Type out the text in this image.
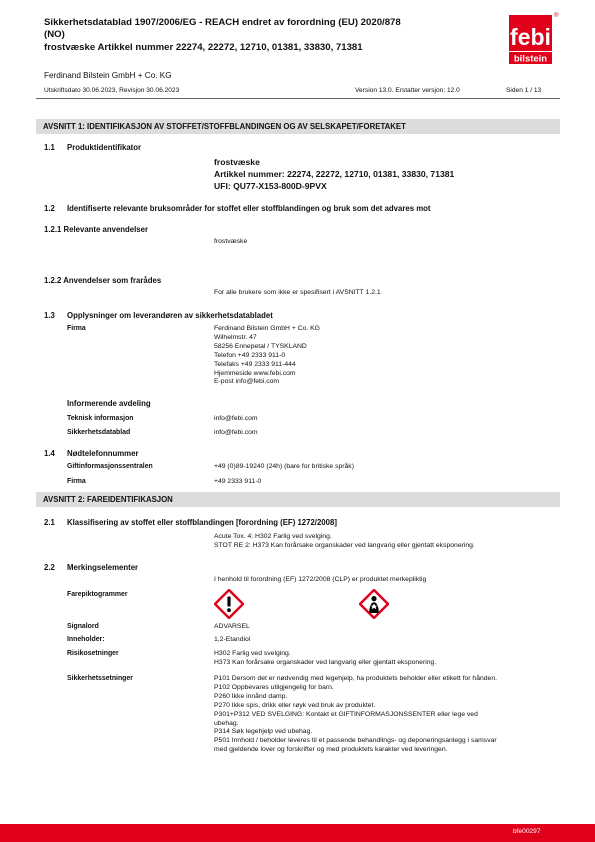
Sikkerhetsdatablad 1907/2006/EG - REACH endret av forordning (EU) 2020/878
(NO)
frostvæske Artikkel nummer 22274, 22272, 12710, 01381, 33830, 71381	febi
bilstein
®
Ferdinand Bilstein GmbH + Co. KG
Utskriftsdato 30.06.2023, Revisjon 30.06.2023	Version 13.0. Erstatter versjon: 12.0	Siden 1 / 13
AVSNITT 1: IDENTIFIKASJON AV STOFFET/STOFFBLANDINGEN OG AV SELSKAPET/FORETAKET
1.1 Produktidentifikator
frostvæske
Artikkel nummer: 22274, 22272, 12710, 01381, 33830, 71381
UFI: QU77-X153-800D-9PVX
1.2 Identifiserte relevante bruksområder for stoffet eller stoffblandingen og bruk som det advares mot
1.2.1 Relevante anvendelser
frostvæske
1.2.2 Anvendelser som frarådes
For alle brukere som ikke er spesifisert i AVSNITT 1.2.1
1.3 Opplysninger om leverandøren av sikkerhetsdatabladet
Firma	Ferdinand Bilstein GmbH + Co. KG
Wilhelmstr. 47
58256 Ennepetal / TYSKLAND
Telefon +49 2333 911-0
Telefaks +49 2333 911-444
Hjemmeside www.febi.com
E-post info@febi.com
Informerende avdeling
Teknisk informasjon	info@febi.com
Sikkerhetsdatablad	info@febi.com
1.4 Nødtelefonnummer
Giftinformasjonssentralen	+49 (0)89-19240 (24h) (bare for britiske språk)
Firma	+49 2333 911-0
AVSNITT 2: FAREIDENTIFIKASJON
2.1 Klassifisering av stoffet eller stoffblandingen [forordning (EF) 1272/2008]
Acute Tox. 4: H302 Farlig ved svelging.
STOT RE 2: H373 Kan forårsake organskader ved langvarig eller gjentatt eksponering.
2.2 Merkingselementer
I henhold til forordning (EF) 1272/2008 (CLP) er produktet merkepliktig
Farepiktogrammer
Signalord	ADVARSEL
Inneholder:	1,2-Etandiol
Risikosetninger	H302 Farlig ved svelging.
H373 Kan forårsake organskader ved langvarig eller gjentatt eksponering.
Sikkerhetssetninger	P101 Dersom det er nødvendig med legehjelp, ha produktets beholder eller etikett for hånden.
P102 Oppbevares utilgjengelig for barn.
P260 Ikke innånd damp.
P270 Ikke spis, drikk eller røyk ved bruk av produktet.
P301+P312 VED SVELGING: Kontakt et GIFTINFORMASJONSSENTER eller lege ved
ubehag.
P314 Søk legehjelp ved ubehag.
P501 Innhold / beholder leveres til et passende behandlings- og deponeringsanlegg i samsvar
med gjeldende lover og forskrifter og med produktets karakter ved leveringen.
bfe00297
